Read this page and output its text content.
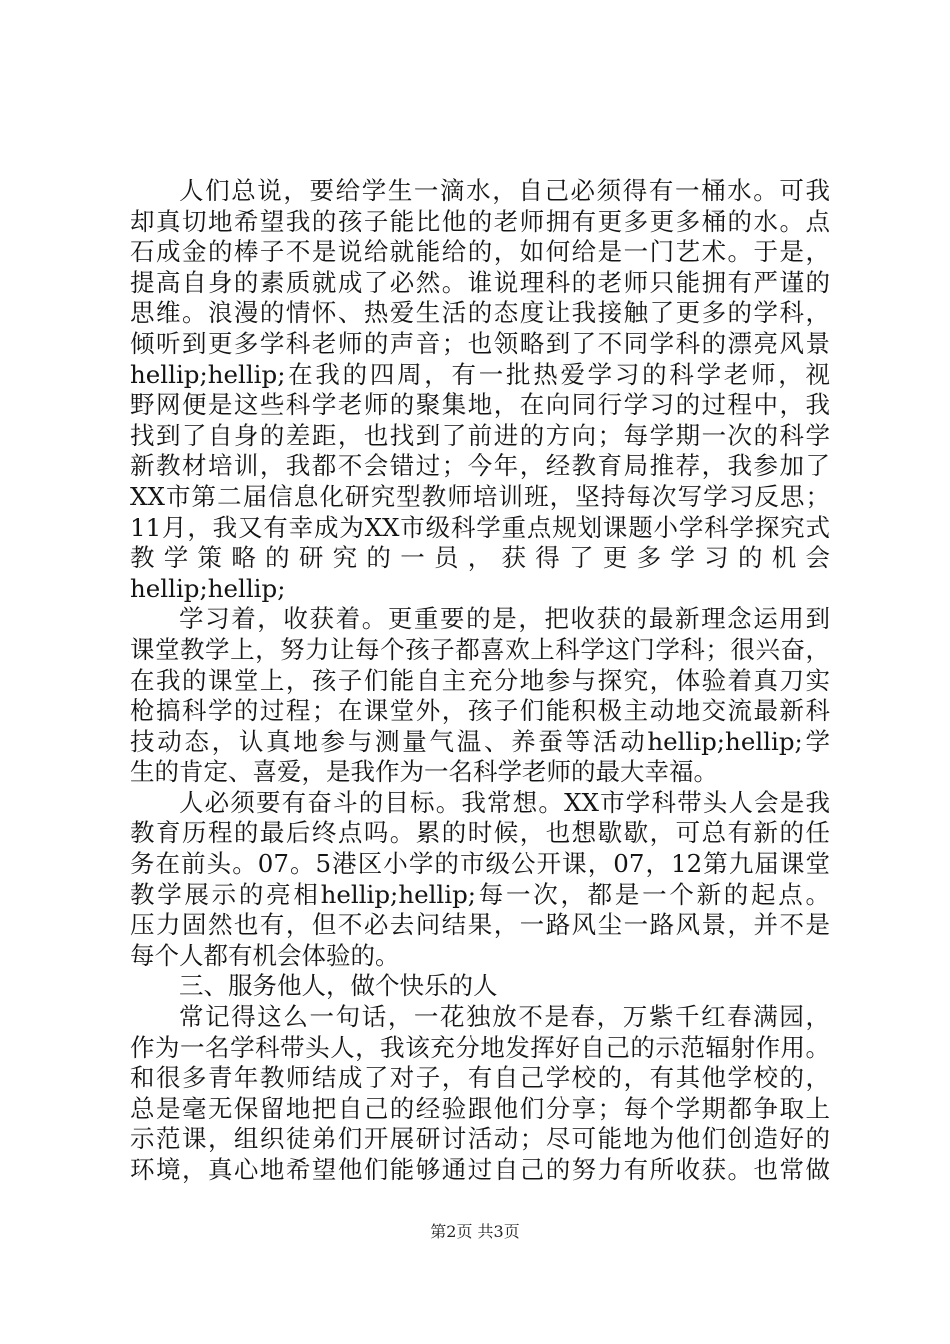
人们总说，要给学生一滴水，自己必须得有一桶水。可我
却真切地希望我的孩子能比他的老师拥有更多更多桶的水。点
石成金的棒子不是说给就能给的，如何给是一门艺术。于是，
提高自身的素质就成了必然。谁说理科的老师只能拥有严谨的
思维。浪漫的情怀、热爱生活的态度让我接触了更多的学科，
倾听到更多学科老师的声音；也领略到了不同学科的漂亮风景
hellip;hellip;在我的四周，有一批热爱学习的科学老师，视
野网便是这些科学老师的聚集地，在向同行学习的过程中，我
找到了自身的差距，也找到了前进的方向；每学期一次的科学
新教材培训，我都不会错过；今年，经教育局推荐，我参加了
XX市第二届信息化研究型教师培训班，坚持每次写学习反思；
11月，我又有幸成为XX市级科学重点规划课题小学科学探究式
教学策略的研究的一员，获得了更多学习的机会
hellip;hellip;
学习着，收获着。更重要的是，把收获的最新理念运用到
课堂教学上，努力让每个孩子都喜欢上科学这门学科；很兴奋，
在我的课堂上，孩子们能自主充分地参与探究，体验着真刀实
枪搞科学的过程；在课堂外，孩子们能积极主动地交流最新科
技动态，认真地参与测量气温、养蚕等活动hellip;hellip;学
生的肯定、喜爱，是我作为一名科学老师的最大幸福。
人必须要有奋斗的目标。我常想。XX市学科带头人会是我
教育历程的最后终点吗。累的时候，也想歇歇，可总有新的任
务在前头。07。5港区小学的市级公开课，07，12第九届课堂
教学展示的亮相hellip;hellip;每一次，都是一个新的起点。
压力固然也有，但不必去问结果，一路风尘一路风景，并不是
每个人都有机会体验的。
三、服务他人，做个快乐的人
常记得这么一句话，一花独放不是春，万紫千红春满园，
作为一名学科带头人，我该充分地发挥好自己的示范辐射作用。
和很多青年教师结成了对子，有自己学校的，有其他学校的，
总是毫无保留地把自己的经验跟他们分享；每个学期都争取上
示范课，组织徒弟们开展研讨活动；尽可能地为他们创造好的
环境，真心地希望他们能够通过自己的努力有所收获。也常做
第2页 共3页
